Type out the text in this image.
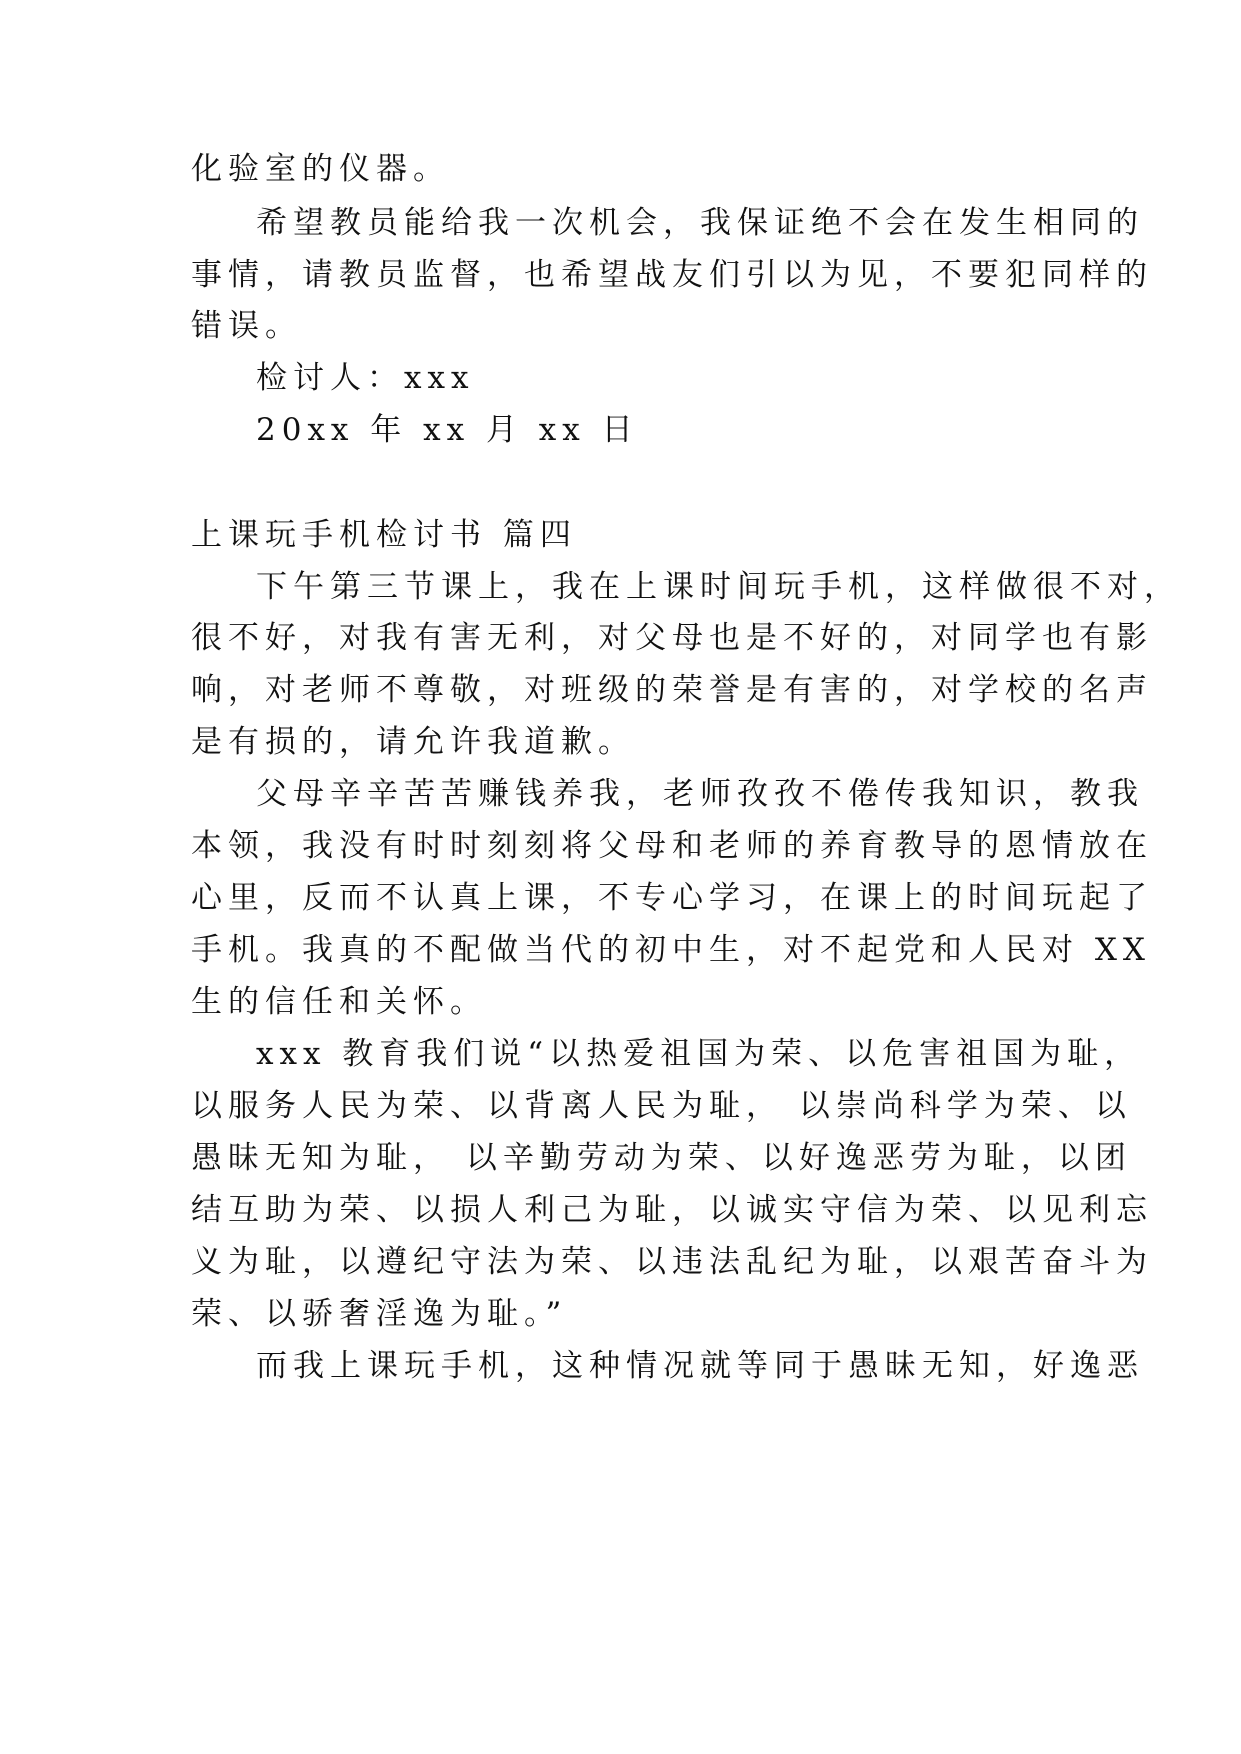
化验室的仪器。

希望教员能给我一次机会，我保证绝不会在发生相同的

事情，请教员监督，也希望战友们引以为见，不要犯同样的

错误。

检讨人：xxx

20xx 年 xx 月 xx 日

上课玩手机检讨书 篇四

下午第三节课上，我在上课时间玩手机，这样做很不对，

很不好，对我有害无利，对父母也是不好的，对同学也有影

响，对老师不尊敬，对班级的荣誉是有害的，对学校的名声

是有损的，请允许我道歉。

父母辛辛苦苦赚钱养我，老师孜孜不倦传我知识，教我

本领，我没有时时刻刻将父母和老师的养育教导的恩情放在

心里，反而不认真上课，不专心学习，在课上的时间玩起了

手机。我真的不配做当代的初中生，对不起党和人民对 XX

生的信任和关怀。

xxx 教育我们说“以热爱祖国为荣、以危害祖国为耻，

以服务人民为荣、以背离人民为耻， 以崇尚科学为荣、以

愚昧无知为耻， 以辛勤劳动为荣、以好逸恶劳为耻，以团

结互助为荣、以损人利己为耻，以诚实守信为荣、以见利忘

义为耻，以遵纪守法为荣、以违法乱纪为耻，以艰苦奋斗为

荣、以骄奢淫逸为耻。”

而我上课玩手机，这种情况就等同于愚昧无知，好逸恶
